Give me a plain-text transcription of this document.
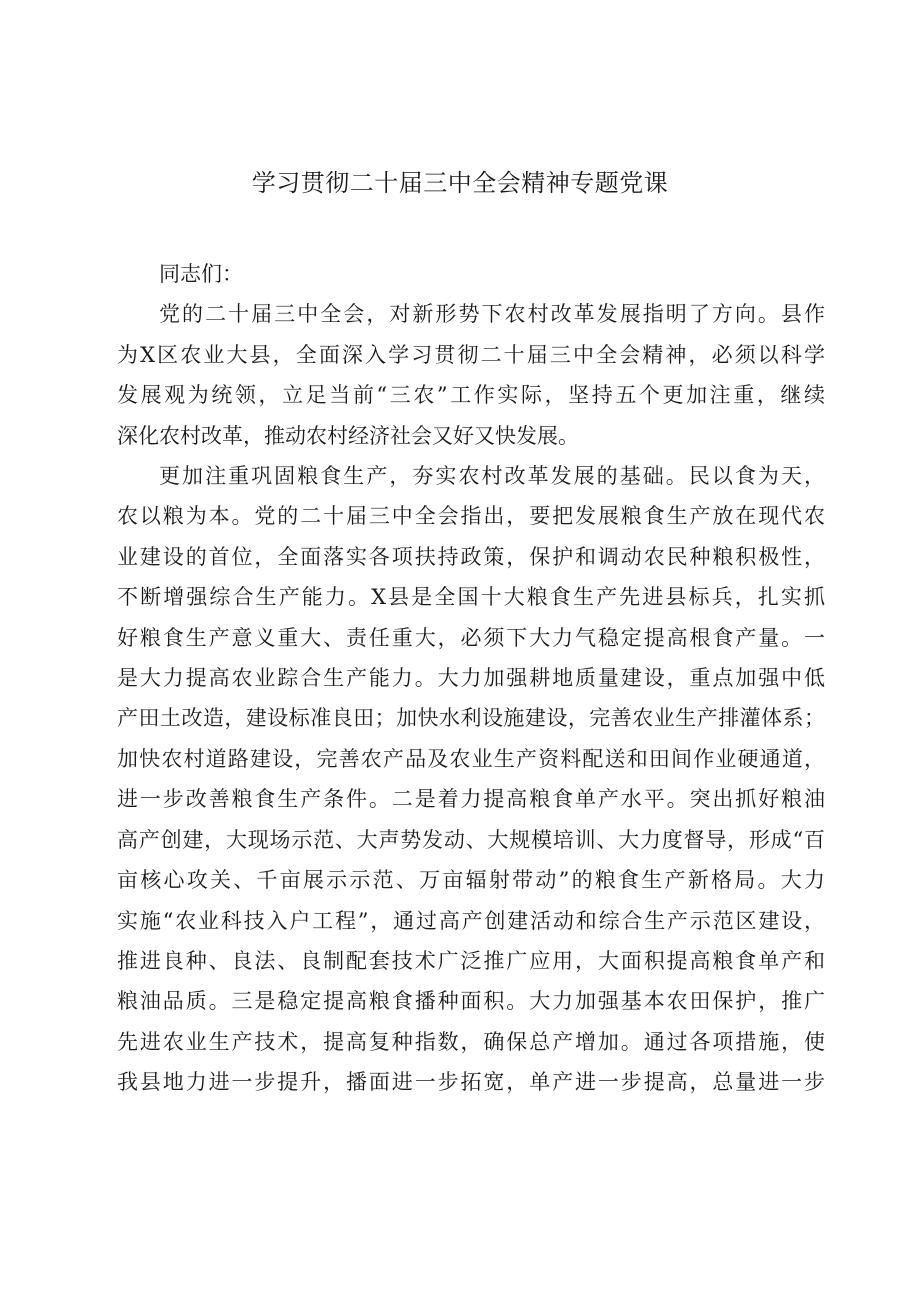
学习贯彻二十届三中全会精神专题党课
同志们：
党的二十届三中全会，对新形势下农村改革发展指明了方向。县作
为X区农业大县，全面深入学习贯彻二十届三中全会精神，必须以科学
发展观为统领，立足当前“三农”工作实际，坚持五个更加注重，继续
深化农村改革，推动农村经济社会又好又快发展。
更加注重巩固粮食生产，夯实农村改革发展的基础。民以食为天，
农以粮为本。党的二十届三中全会指出，要把发展粮食生产放在现代农
业建设的首位，全面落实各项扶持政策，保护和调动农民种粮积极性，
不断增强综合生产能力。X县是全国十大粮食生产先进县标兵，扎实抓
好粮食生产意义重大、责任重大，必须下大力气稳定提高根食产量。一
是大力提高农业踪合生产能力。大力加强耕地质量建设，重点加强中低
产田土改造，建设标准良田；加快水利设施建设，完善农业生产排灌体系；
加快农村道路建设，完善农产品及农业生产资料配送和田间作业硬通道，
进一步改善粮食生产条件。二是着力提高粮食单产水平。突出抓好粮油
高产创建，大现场示范、大声势发动、大规模培训、大力度督导，形成“百
亩核心攻关、千亩展示示范、万亩辐射带动”的粮食生产新格局。大力
实施“农业科技入户工程”，通过高产创建活动和综合生产示范区建设，
推进良种、良法、良制配套技术广泛推广应用，大面积提高粮食单产和
粮油品质。三是稳定提高粮食播种面积。大力加强基本农田保护，推广
先进农业生产技术，提高复种指数，确保总产增加。通过各项措施，使
我县地力进一步提升，播面进一步拓宽，单产进一步提高，总量进一步
